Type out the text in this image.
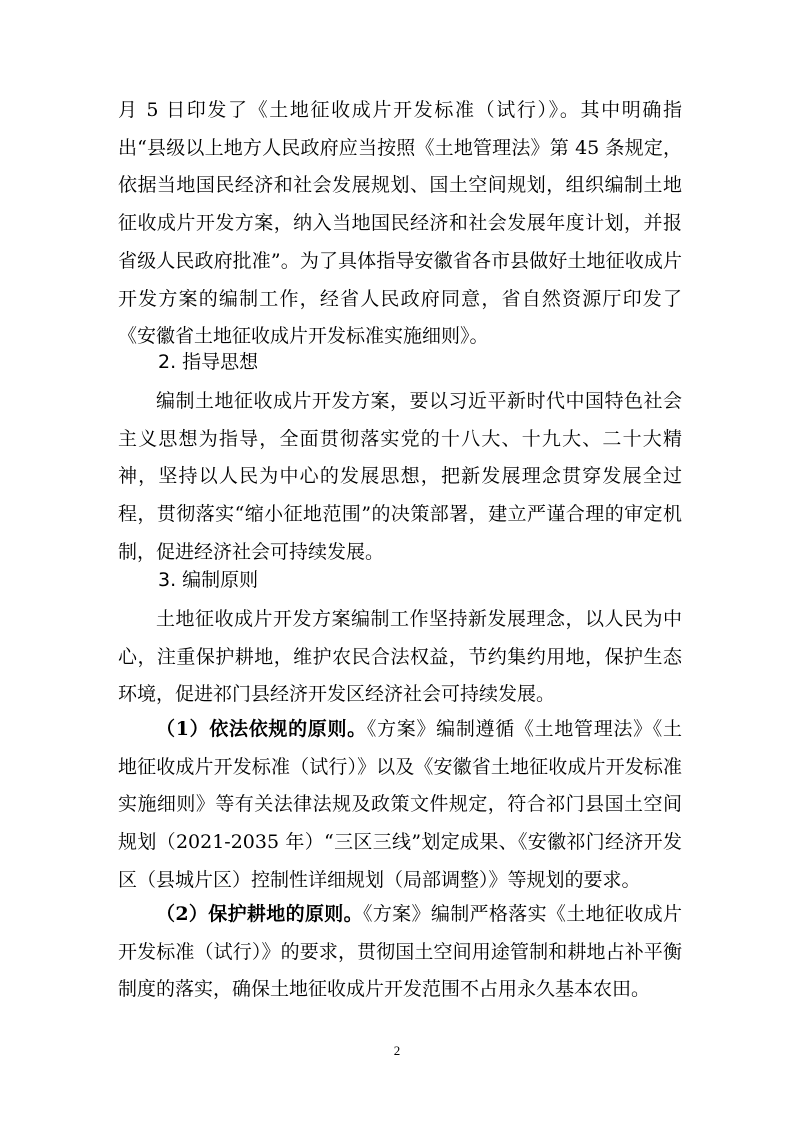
月 5 日印发了《土地征收成片开发标准（试行）》。其中明确指出“县级以上地方人民政府应当按照《土地管理法》第 45 条规定，依据当地国民经济和社会发展规划、国土空间规划，组织编制土地征收成片开发方案，纳入当地国民经济和社会发展年度计划，并报省级人民政府批准”。为了具体指导安徽省各市县做好土地征收成片开发方案的编制工作，经省人民政府同意，省自然资源厅印发了《安徽省土地征收成片开发标准实施细则》。

2. 指导思想

编制土地征收成片开发方案，要以习近平新时代中国特色社会主义思想为指导，全面贯彻落实党的十八大、十九大、二十大精神，坚持以人民为中心的发展思想，把新发展理念贯穿发展全过程，贯彻落实“缩小征地范围”的决策部署，建立严谨合理的审定机制，促进经济社会可持续发展。

3. 编制原则

土地征收成片开发方案编制工作坚持新发展理念，以人民为中心，注重保护耕地，维护农民合法权益，节约集约用地，保护生态环境，促进祁门县经济开发区经济社会可持续发展。

（1）依法依规的原则。《方案》编制遵循《土地管理法》《土地征收成片开发标准（试行）》以及《安徽省土地征收成片开发标准实施细则》等有关法律法规及政策文件规定，符合祁门县国土空间规划（2021-2035 年）“三区三线”划定成果、《安徽祁门经济开发区（县城片区）控制性详细规划（局部调整）》等规划的要求。

（2）保护耕地的原则。《方案》编制严格落实《土地征收成片开发标准（试行）》的要求，贯彻国土空间用途管制和耕地占补平衡制度的落实，确保土地征收成片开发范围不占用永久基本农田。

2
